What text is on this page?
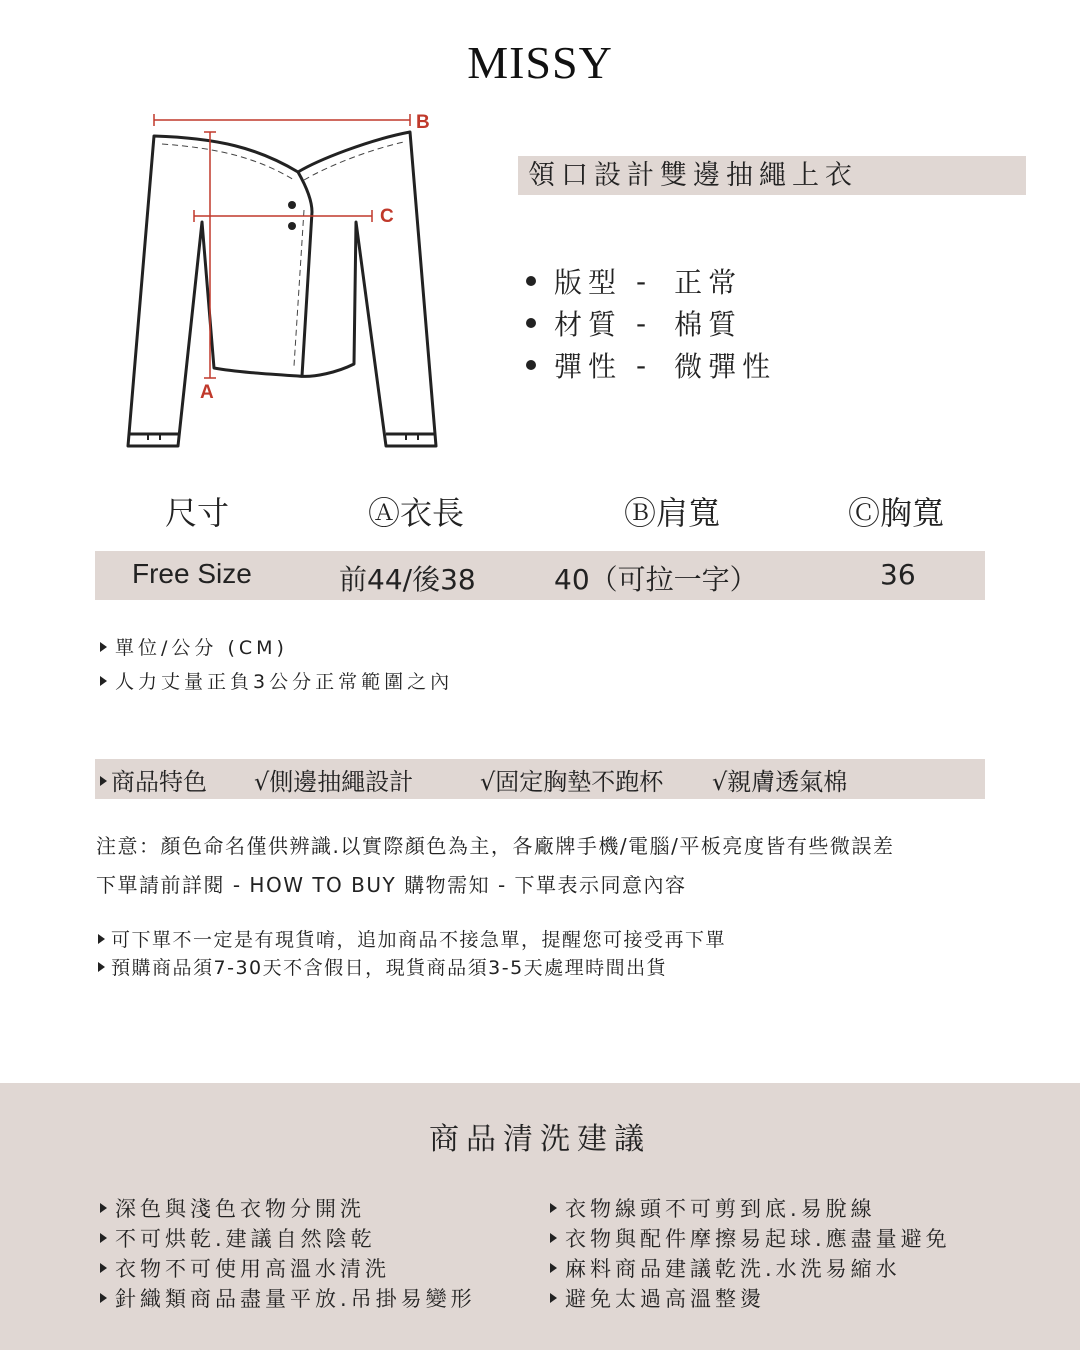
MISSY
B
C
A
領口設計雙邊抽繩上衣
版型 - 正常
材質 - 棉質
彈性 - 微彈性
尺寸	Ⓐ衣長	Ⓑ肩寬	Ⓒ胸寬
Free Size	前44/後38	40（可拉一字）	36
單位/公分 (CM)
人力丈量正負3公分正常範圍之內
商品特色 √側邊抽繩設計	√固定胸墊不跑杯 √親膚透氣棉
注意：顏色命名僅供辨識.以實際顏色為主，各廠牌手機/電腦/平板亮度皆有些微誤差
下單請前詳閱 - HOW TO BUY 購物需知 - 下單表示同意內容
可下單不一定是有現貨唷，追加商品不接急單，提醒您可接受再下單
預購商品須7-30天不含假日，現貨商品須3-5天處理時間出貨
商品清洗建議
深色與淺色衣物分開洗
不可烘乾.建議自然陰乾
衣物不可使用高溫水清洗
針織類商品盡量平放.吊掛易變形
衣物線頭不可剪到底.易脫線
衣物與配件摩擦易起球.應盡量避免
麻料商品建議乾洗.水洗易縮水
避免太過高溫整燙
